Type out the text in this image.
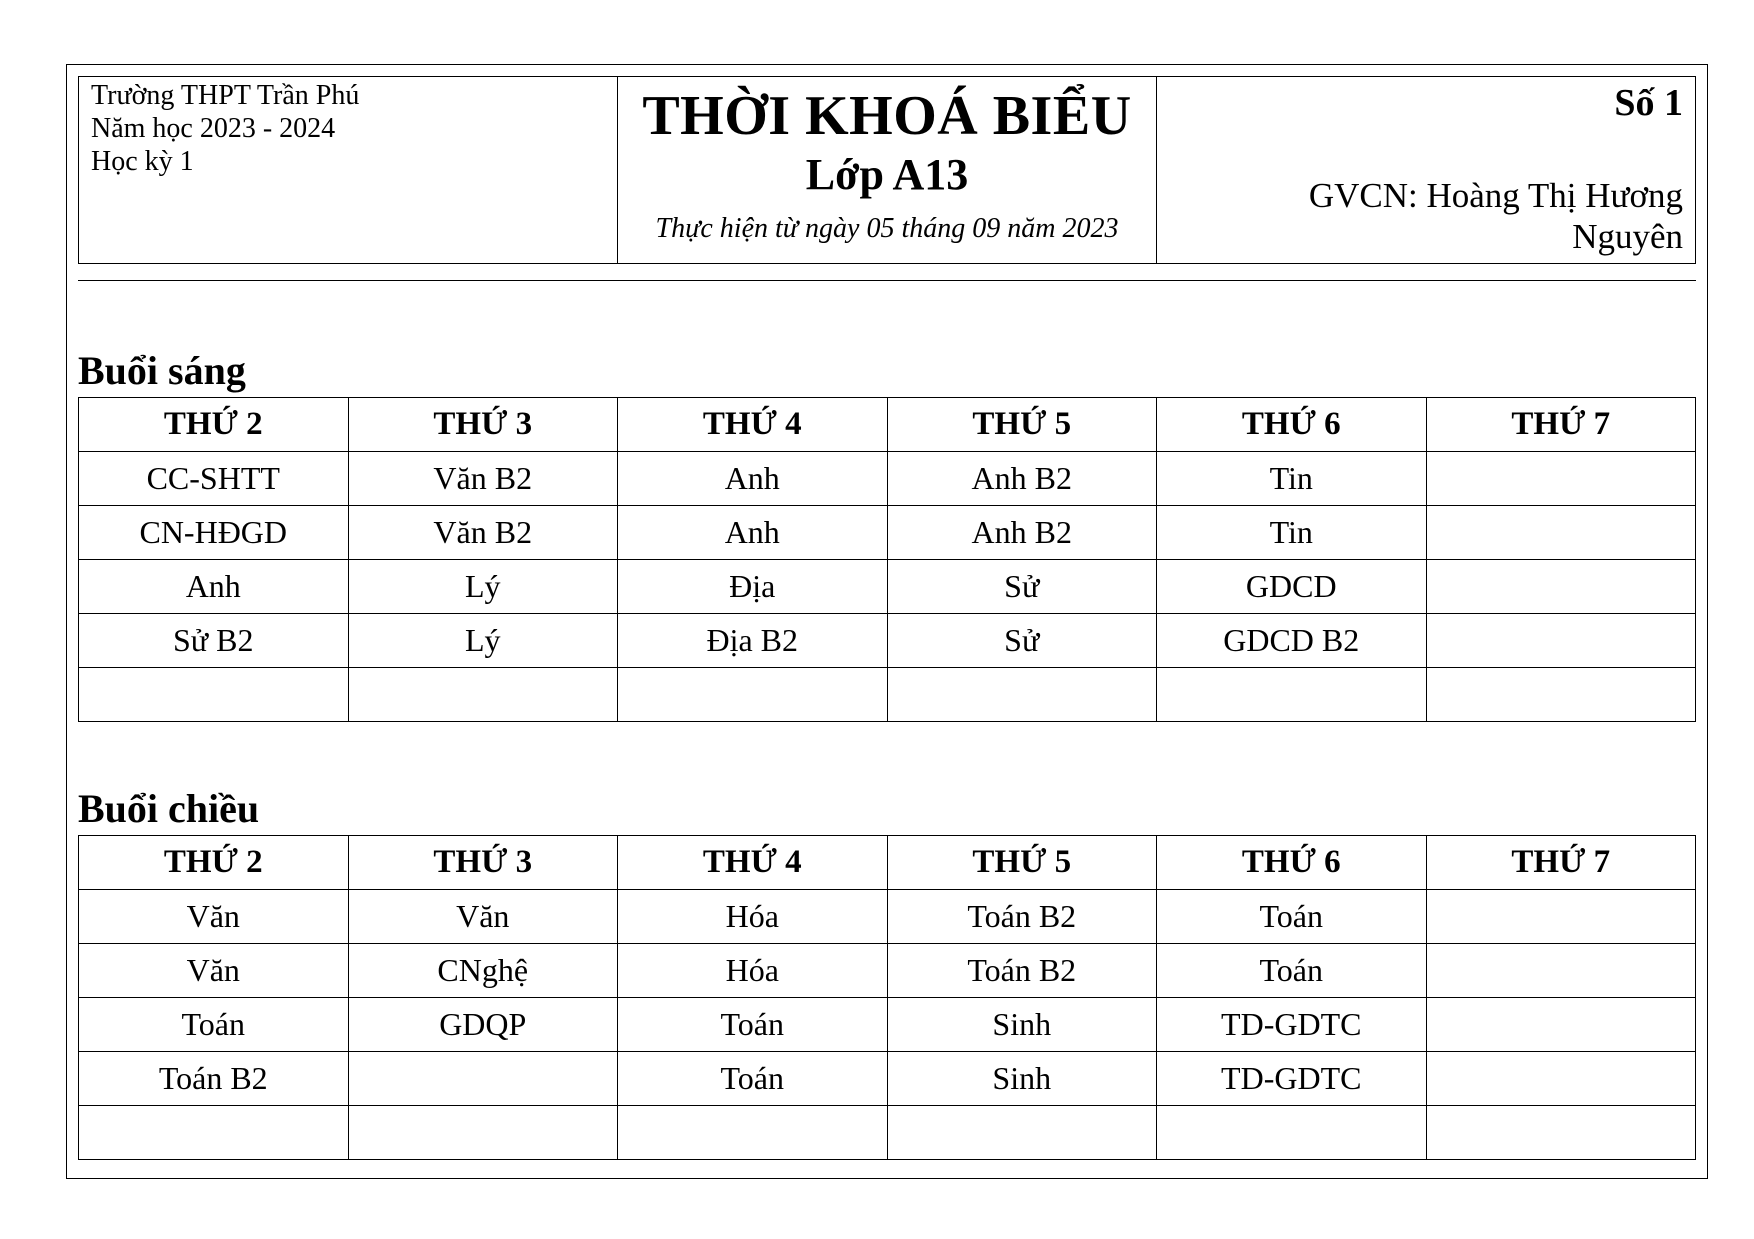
Trường THPT Trần Phú
Năm học 2023 - 2024
Học kỳ 1

THỜI KHOÁ BIỂU
Lớp A13
Thực hiện từ ngày 05 tháng 09 năm 2023

Số 1
GVCN: Hoàng Thị Hương
Nguyên
Buổi sáng
THỨ 2	THỨ 3	THỨ 4	THỨ 5	THỨ 6	THỨ 7
CC-SHTT	Văn B2	Anh	Anh B2	Tin	
CN-HĐGD	Văn B2	Anh	Anh B2	Tin	
Anh	Lý	Địa	Sử	GDCD	
Sử B2	Lý	Địa B2	Sử	GDCD B2	

Buổi chiều
THỨ 2	THỨ 3	THỨ 4	THỨ 5	THỨ 6	THỨ 7
Văn	Văn	Hóa	Toán B2	Toán	
Văn	CNghệ	Hóa	Toán B2	Toán	
Toán	GDQP	Toán	Sinh	TD-GDTC	
Toán B2		Toán	Sinh	TD-GDTC	
